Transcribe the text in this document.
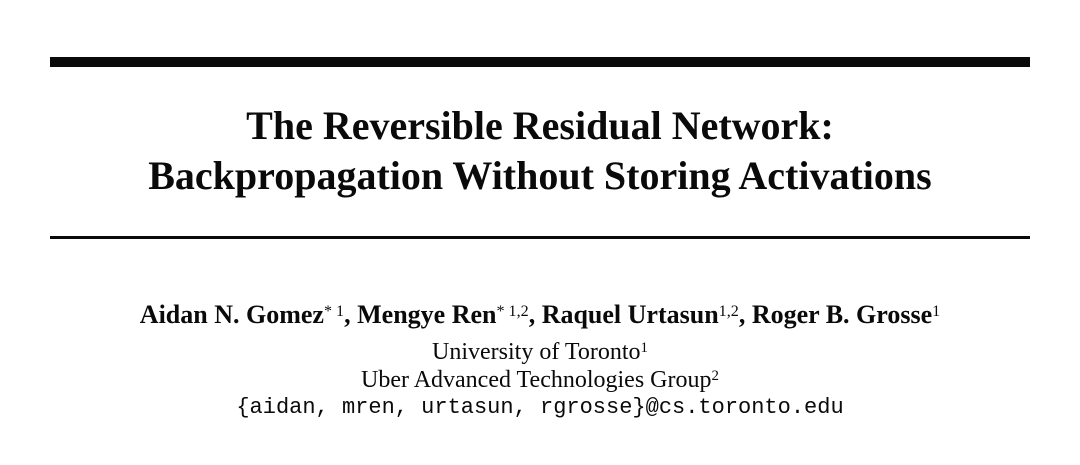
The Reversible Residual Network:
Backpropagation Without Storing Activations
Aidan N. Gomez$^{* 1}$, Mengye Ren$^{* 1,2}$, Raquel Urtasun$^{1,2}$, Roger B. Grosse$^1$
University of Toronto$^1$
Uber Advanced Technologies Group$^2$
{aidan, mren, urtasun, rgrosse}@cs.toronto.edu
